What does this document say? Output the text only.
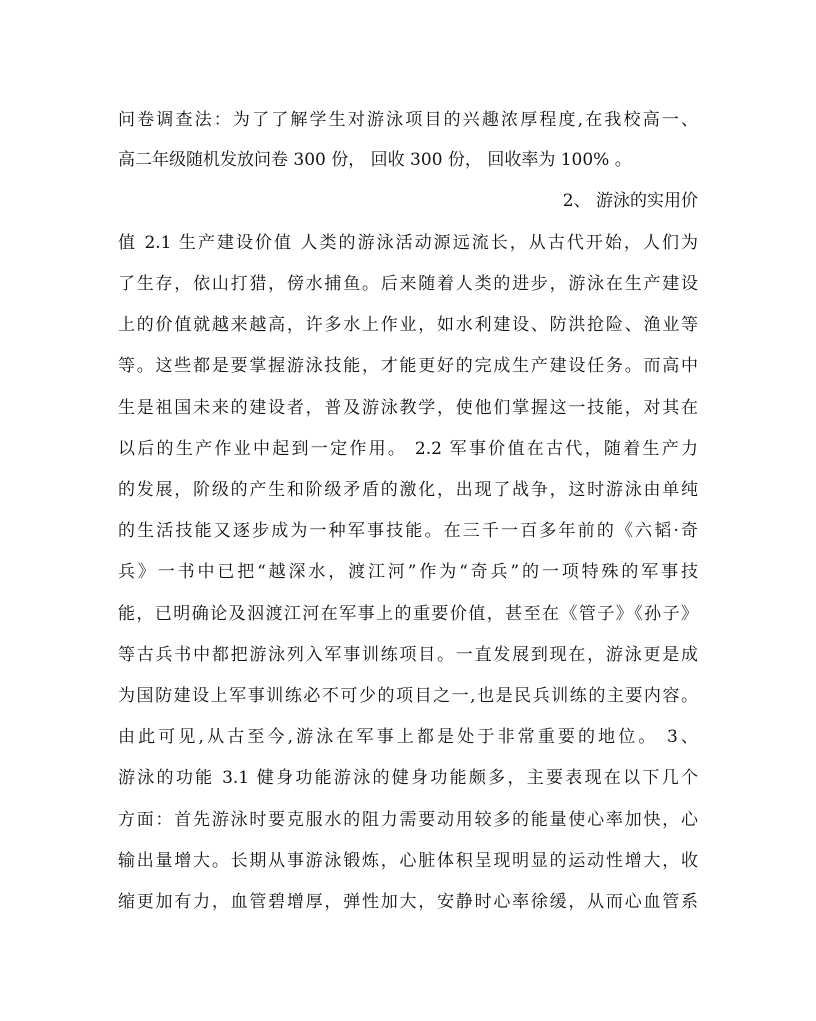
问卷调查法：为了了解学生对游泳项目的兴趣浓厚程度,在我校高一、
高二年级随机发放问卷 300 份， 回收 300 份， 回收率为 100% 。
2、 游泳的实用价
值 2.1 生产建设价值 人类的游泳活动源远流长，从古代开始，人们为
了生存，依山打猎，傍水捕鱼。后来随着人类的进步，游泳在生产建设
上的价值就越来越高，许多水上作业，如水利建设、防洪抢险、渔业等
等。这些都是要掌握游泳技能，才能更好的完成生产建设任务。而高中
生是祖国未来的建设者，普及游泳教学，使他们掌握这一技能，对其在
以后的生产作业中起到一定作用。 2.2 军事价值在古代，随着生产力
的发展，阶级的产生和阶级矛盾的激化，出现了战争，这时游泳由单纯
的生活技能又逐步成为一种军事技能。在三千一百多年前的《六韬·奇
兵》一书中已把“越深水，渡江河”作为“奇兵”的一项特殊的军事技
能，已明确论及泅渡江河在军事上的重要价值，甚至在《管子》《孙子》
等古兵书中都把游泳列入军事训练项目。一直发展到现在，游泳更是成
为国防建设上军事训练必不可少的项目之一,也是民兵训练的主要内容。
由此可见,从古至今,游泳在军事上都是处于非常重要的地位。 3、
游泳的功能 3.1 健身功能游泳的健身功能颇多，主要表现在以下几个
方面：首先游泳时要克服水的阻力需要动用较多的能量使心率加快，心
输出量增大。长期从事游泳锻炼，心脏体积呈现明显的运动性增大，收
缩更加有力，血管碧增厚，弹性加大，安静时心率徐缓，从而心血管系
